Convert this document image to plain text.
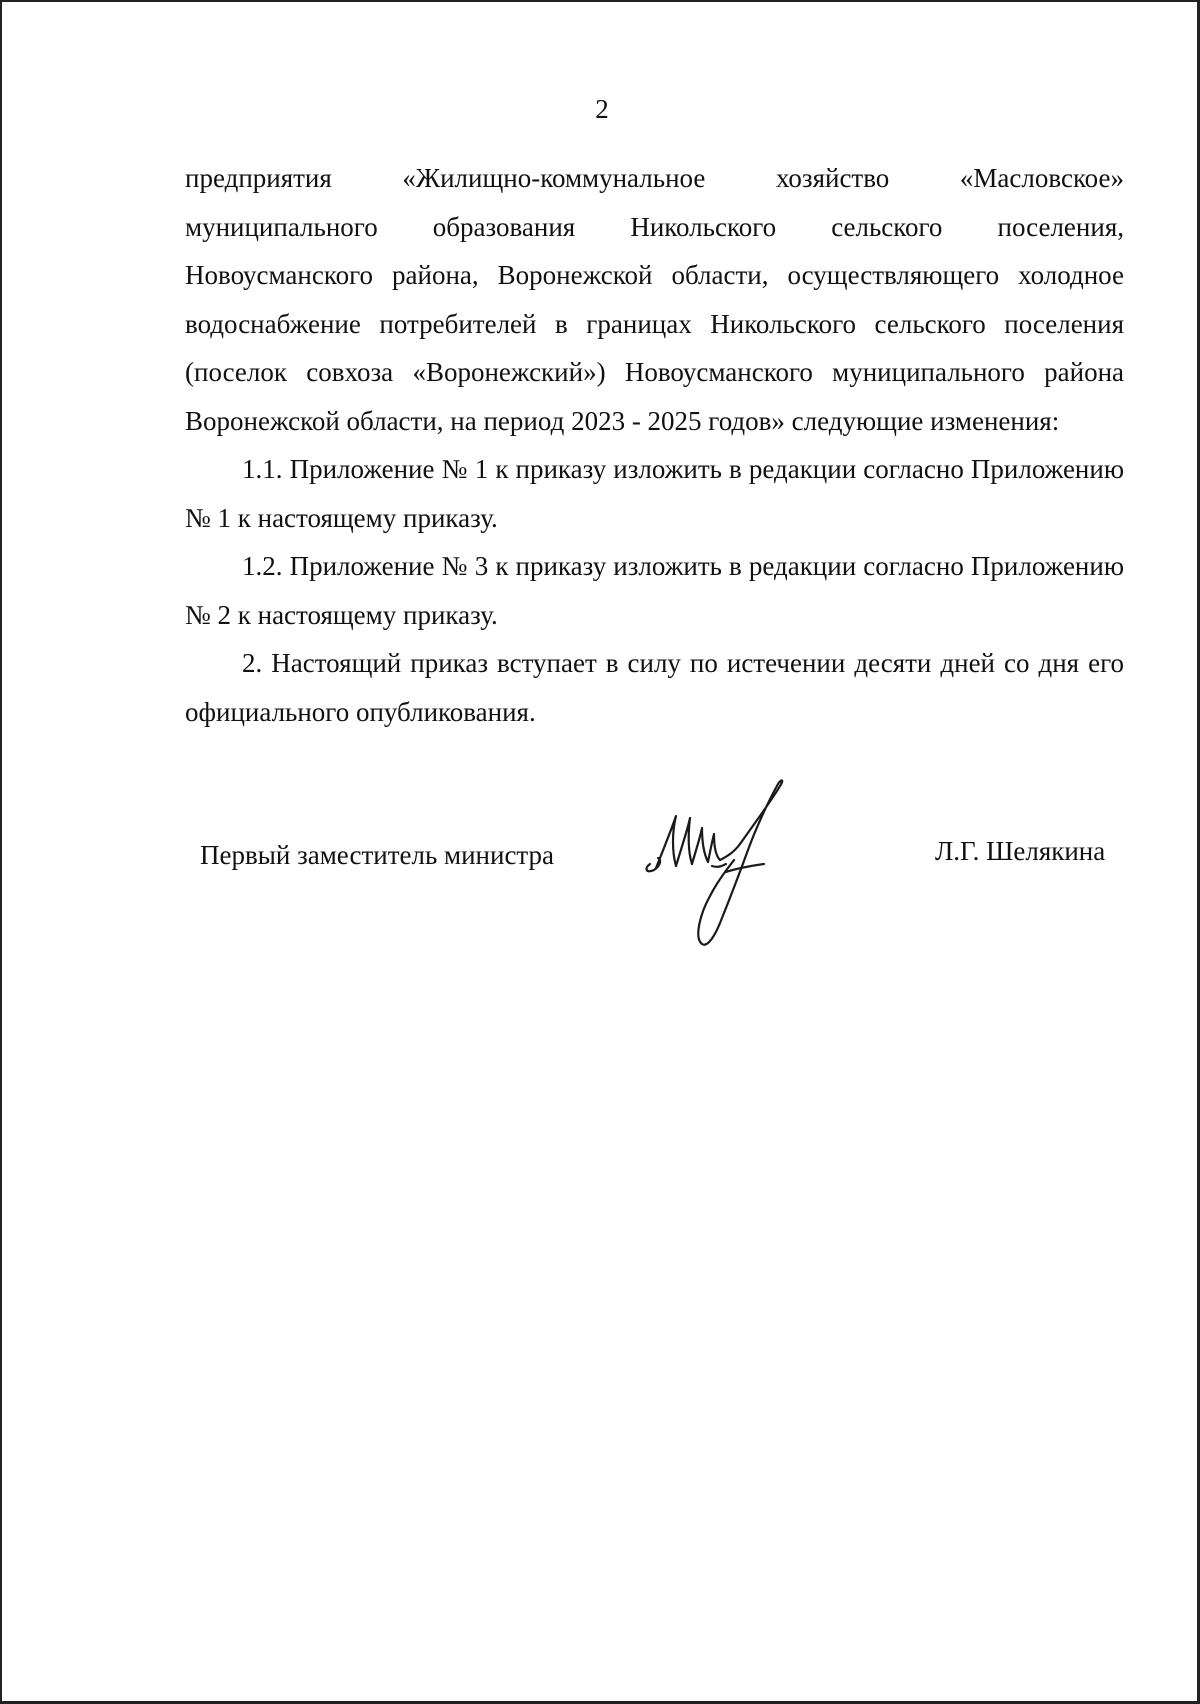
2

предприятия «Жилищно-коммунальное хозяйство «Масловское» муниципального образования Никольского сельского поселения, Новоусманского района, Воронежской области, осуществляющего холодное водоснабжение потребителей в границах Никольского сельского поселения (поселок совхоза «Воронежский») Новоусманского муниципального района Воронежской области, на период 2023 - 2025 годов» следующие изменения:

1.1. Приложение № 1 к приказу изложить в редакции согласно Приложению № 1 к настоящему приказу.

1.2. Приложение № 3 к приказу изложить в редакции согласно Приложению № 2 к настоящему приказу.

2. Настоящий приказ вступает в силу по истечении десяти дней со дня его официального опубликования.

Первый заместитель министра	Л.Г. Шелякина
